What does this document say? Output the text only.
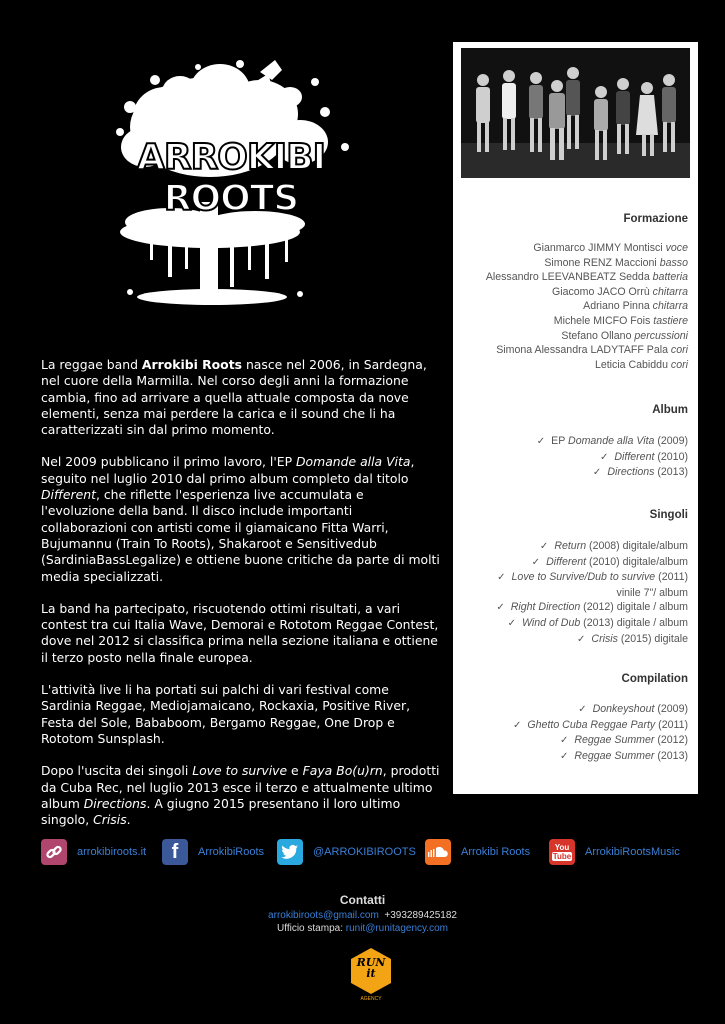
ARROKIBI ROOTS

La reggae band Arrokibi Roots nasce nel 2006, in Sardegna, nel cuore della Marmilla. Nel corso degli anni la formazione cambia, fino ad arrivare a quella attuale composta da nove elementi, senza mai perdere la carica e il sound che li ha caratterizzati sin dal primo momento.

Nel 2009 pubblicano il primo lavoro, l'EP Domande alla Vita, seguito nel luglio 2010 dal primo album completo dal titolo Different, che riflette l'esperienza live accumulata e l'evoluzione della band. Il disco include importanti collaborazioni con artisti come il giamaicano Fitta Warri, Bujumannu (Train To Roots), Shakaroot e Sensitivedub (SardiniaBassLegalize) e ottiene buone critiche da parte di molti media specializzati.

La band ha partecipato, riscuotendo ottimi risultati, a vari contest tra cui Italia Wave, Demorai e Rototom Reggae Contest, dove nel 2012 si classifica prima nella sezione italiana e ottiene il terzo posto nella finale europea.

L'attività live li ha portati sui palchi di vari festival come Sardinia Reggae, Mediojamaicano, Rockaxia, Positive River, Festa del Sole, Bababoom, Bergamo Reggae, One Drop e Rototom Sunsplash.

Dopo l'uscita dei singoli Love to survive e Faya Bo(u)rn, prodotti da Cuba Rec, nel luglio 2013 esce il terzo e attualmente ultimo album Directions. A giugno 2015 presentano il loro ultimo singolo, Crisis.

Formazione
Gianmarco JIMMY Montisci voce
Simone RENZ Maccioni basso
Alessandro LEEVANBEATZ Sedda batteria
Giacomo JACO Orrù chitarra
Adriano Pinna chitarra
Michele MICFO Fois tastiere
Stefano Ollano percussioni
Simona Alessandra LADYTAFF Pala cori
Leticia Cabiddu cori
Album
✓ EP Domande alla Vita (2009)
✓ Different (2010)
✓ Directions (2013)
Singoli
✓ Return (2008) digitale/album
✓ Different (2010) digitale/album
✓ Love to Survive/Dub to survive (2011)
vinile 7"/ album
✓ Right Direction (2012) digitale / album
✓ Wind of Dub (2013) digitale / album
✓ Crisis (2015) digitale
Compilation
✓ Donkeyshout (2009)
✓ Ghetto Cuba Reggae Party (2011)
✓ Reggae Summer (2012)
✓ Reggae Summer (2013)
arrokibiroots.it	f	ArrokibiRoots	@ARROKIBIROOTS	Arrokibi Roots	You
Tube ArrokibiRootsMusic
Contatti
arrokibiroots@gmail.com +393289425182
Ufficio stampa: runit@runitagency.com
RUN
it
AGENCY
